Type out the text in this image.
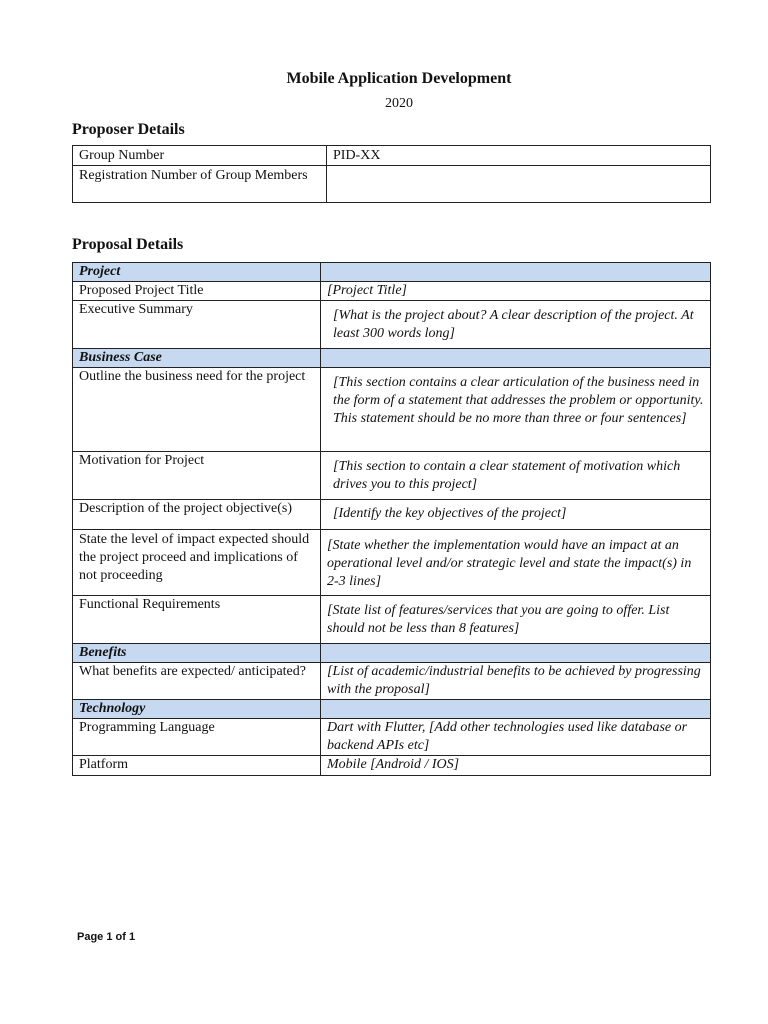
Mobile Application Development
2020
Proposer Details
Group Number	PID-XX
Registration Number of Group Members	
Proposal Details
Project	
Proposed Project Title	[Project Title]
Executive Summary	[What is the project about? A clear description of the project. At least 300 words long]
Business Case	
Outline the business need for the project	[This section contains a clear articulation of the business need in the form of a statement that addresses the problem or opportunity. This statement should be no more than three or four sentences]
Motivation for Project	[This section to contain a clear statement of motivation which drives you to this project]
Description of the project objective(s)	[Identify the key objectives of the project]
State the level of impact expected should the project proceed and implications of not proceeding	[State whether the implementation would have an impact at an operational level and/or strategic level and state the impact(s) in 2-3 lines]
Functional Requirements	[State list of features/services that you are going to offer. List should not be less than 8 features]
Benefits	
What benefits are expected/ anticipated?	[List of academic/industrial benefits to be achieved by progressing with the proposal]
Technology	
Programming Language	Dart with Flutter, [Add other technologies used like database or backend APIs etc]
Platform	Mobile [Android / IOS]
Page 1 of 1
